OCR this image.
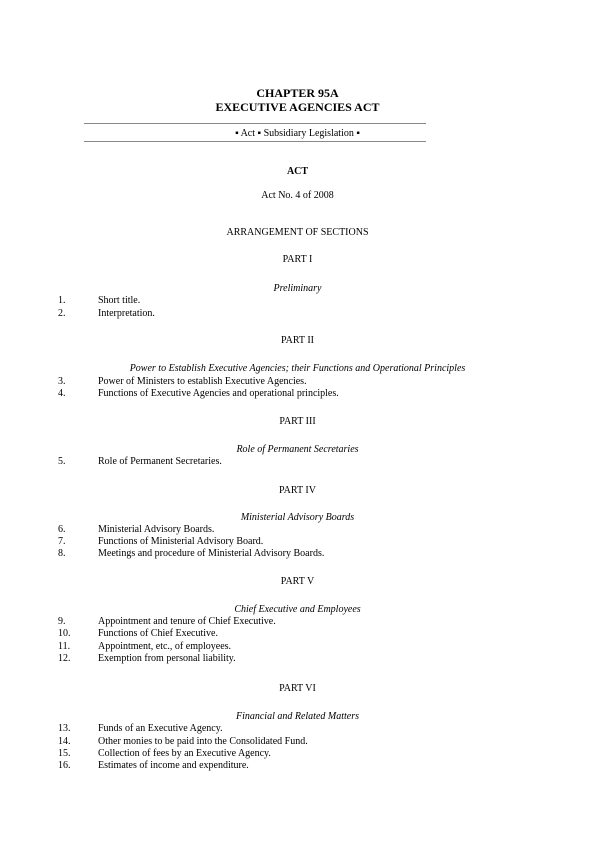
CHAPTER 95A
EXECUTIVE AGENCIES ACT
▪ Act ▪ Subsidiary Legislation ▪
ACT
Act No. 4 of 2008
ARRANGEMENT OF SECTIONS
PART I
Preliminary
1.	Short title.
2.	Interpretation.
PART II
Power to Establish Executive Agencies; their Functions and Operational Principles
3.	Power of Ministers to establish Executive Agencies.
4.	Functions of Executive Agencies and operational principles.
PART III
Role of Permanent Secretaries
5.	Role of Permanent Secretaries.
PART IV
Ministerial Advisory Boards
6.	Ministerial Advisory Boards.
7.	Functions of Ministerial Advisory Board.
8.	Meetings and procedure of Ministerial Advisory Boards.
PART V
Chief Executive and Employees
9.	Appointment and tenure of Chief Executive.
10.	Functions of Chief Executive.
11.	Appointment, etc., of employees.
12.	Exemption from personal liability.
PART VI
Financial and Related Matters
13.	Funds of an Executive Agency.
14.	Other monies to be paid into the Consolidated Fund.
15.	Collection of fees by an Executive Agency.
16.	Estimates of income and expenditure.
